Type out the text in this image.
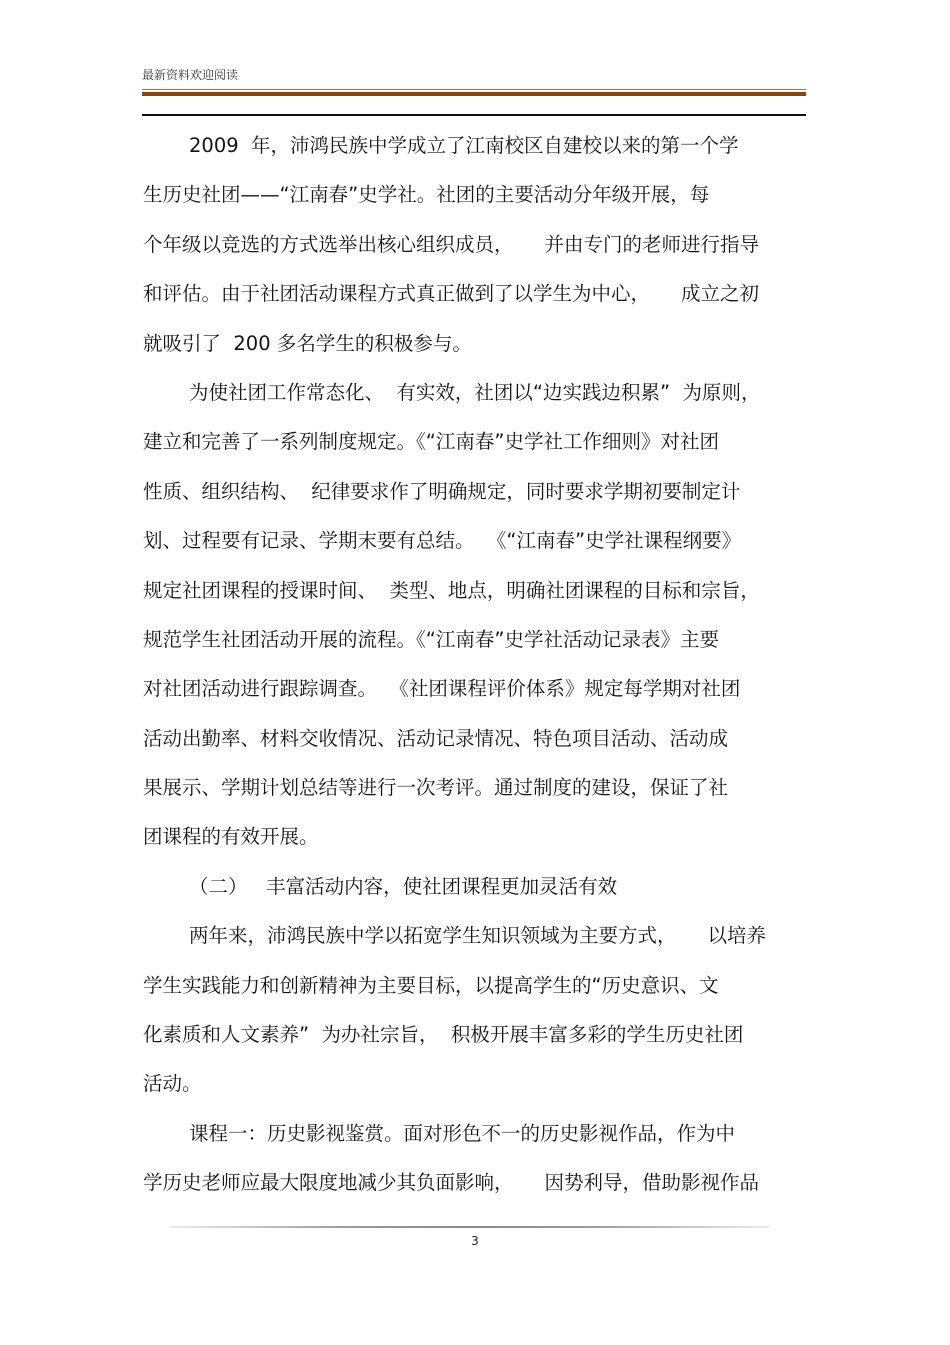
最新资料欢迎阅读
2009  年，沛鸿民族中学成立了江南校区自建校以来的第一个学
生历史社团——“江南春”史学社。社团的主要活动分年级开展，每
个年级以竞选的方式选举出核心组织成员，     并由专门的老师进行指导
和评估。由于社团活动课程方式真正做到了以学生为中心，     成立之初
就吸引了  200 多名学生的积极参与。
为使社团工作常态化、  有实效，社团以“边实践边积累”  为原则，
建立和完善了一系列制度规定。《“江南春”史学社工作细则》对社团
性质、组织结构、  纪律要求作了明确规定，同时要求学期初要制定计
划、过程要有记录、学期末要有总结。  《“江南春”史学社课程纲要》
规定社团课程的授课时间、  类型、地点，明确社团课程的目标和宗旨，
规范学生社团活动开展的流程。《“江南春”史学社活动记录表》主要
对社团活动进行跟踪调查。  《社团课程评价体系》规定每学期对社团
活动出勤率、材料交收情况、活动记录情况、特色项目活动、活动成
果展示、学期计划总结等进行一次考评。通过制度的建设，保证了社
团课程的有效开展。
（二）   丰富活动内容，使社团课程更加灵活有效
两年来，沛鸿民族中学以拓宽学生知识领域为主要方式，     以培养
学生实践能力和创新精神为主要目标，以提高学生的“历史意识、文
化素质和人文素养”  为办社宗旨，  积极开展丰富多彩的学生历史社团
活动。
课程一：历史影视鉴赏。面对形色不一的历史影视作品，作为中
学历史老师应最大限度地减少其负面影响，     因势利导，借助影视作品
3
